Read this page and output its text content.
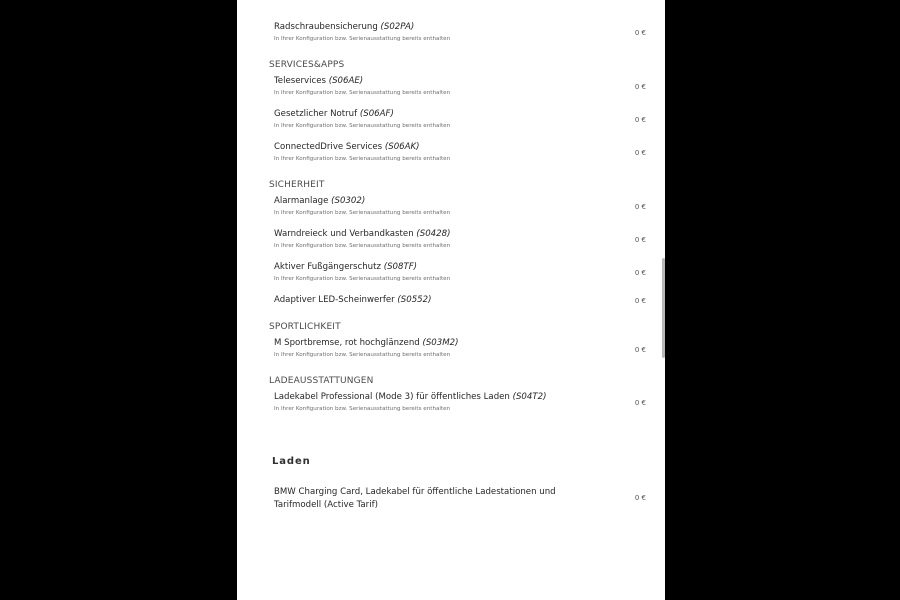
Radschraubensicherung (S02PA)
In Ihrer Konfiguration bzw. Serienausstattung bereits enthalten
0 €
SERVICES&APPS
Teleservices (S06AE)
In Ihrer Konfiguration bzw. Serienausstattung bereits enthalten
0 €
Gesetzlicher Notruf (S06AF)
In Ihrer Konfiguration bzw. Serienausstattung bereits enthalten
0 €
ConnectedDrive Services (S06AK)
In Ihrer Konfiguration bzw. Serienausstattung bereits enthalten
0 €
SICHERHEIT
Alarmanlage (S0302)
In Ihrer Konfiguration bzw. Serienausstattung bereits enthalten
0 €
Warndreieck und Verbandkasten (S0428)
In Ihrer Konfiguration bzw. Serienausstattung bereits enthalten
0 €
Aktiver Fußgängerschutz (S08TF)
In Ihrer Konfiguration bzw. Serienausstattung bereits enthalten
0 €
Adaptiver LED-Scheinwerfer (S0552)	0 €
SPORTLICHKEIT
M Sportbremse, rot hochglänzend (S03M2)
In Ihrer Konfiguration bzw. Serienausstattung bereits enthalten
0 €
LADEAUSSTATTUNGEN
Ladekabel Professional (Mode 3) für öffentliches Laden (S04T2)
In Ihrer Konfiguration bzw. Serienausstattung bereits enthalten
0 €
Laden
BMW Charging Card, Ladekabel für öffentliche Ladestationen und Tarifmodell (Active Tarif)
0 €
